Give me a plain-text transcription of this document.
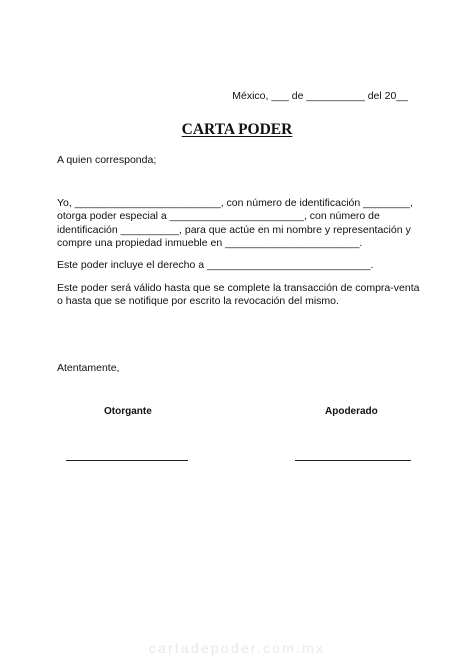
México, ___ de __________ del 20__
CARTA PODER
A quien corresponda;
Yo, _________________________, con número de identificación ________,
otorga poder especial a _______________________, con número de
identificación __________, para que actúe en mi nombre y representación y
compre una propiedad inmueble en _______________________.
Este poder incluye el derecho a ____________________________.
Este poder será válido hasta que se complete la transacción de compra-venta
o hasta que se notifique por escrito la revocación del mismo.
Atentamente,
Otorgante	Apoderado
cartadepoder.com.mx
